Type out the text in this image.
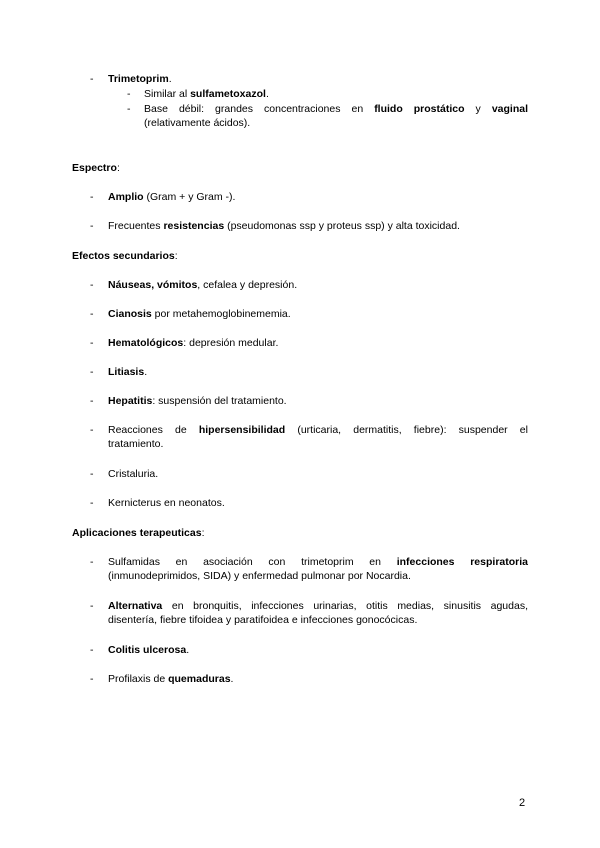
- Trimetoprim.
- Similar al sulfametoxazol.
- Base débil: grandes concentraciones en fluido prostático y vaginal
(relativamente ácidos).
Espectro:
- Amplio (Gram + y Gram -).
- Frecuentes resistencias (pseudomonas ssp y proteus ssp) y alta toxicidad.
Efectos secundarios:
- Náuseas, vómitos, cefalea y depresión.
- Cianosis por metahemoglobinememia.
- Hematológicos: depresión medular.
- Litiasis.
- Hepatitis: suspensión del tratamiento.
- Reacciones de hipersensibilidad (urticaria, dermatitis, fiebre): suspender el
tratamiento.
- Cristaluria.
- Kernicterus en neonatos.
Aplicaciones terapeuticas:
- Sulfamidas en asociación con trimetoprim en infecciones respiratoria
(inmunodeprimidos, SIDA) y enfermedad pulmonar por Nocardia.
- Alternativa en bronquitis, infecciones urinarias, otitis medias, sinusitis agudas,
disentería, fiebre tifoidea y paratifoidea e infecciones gonocócicas.
- Colitis ulcerosa.
- Profilaxis de quemaduras.
2
